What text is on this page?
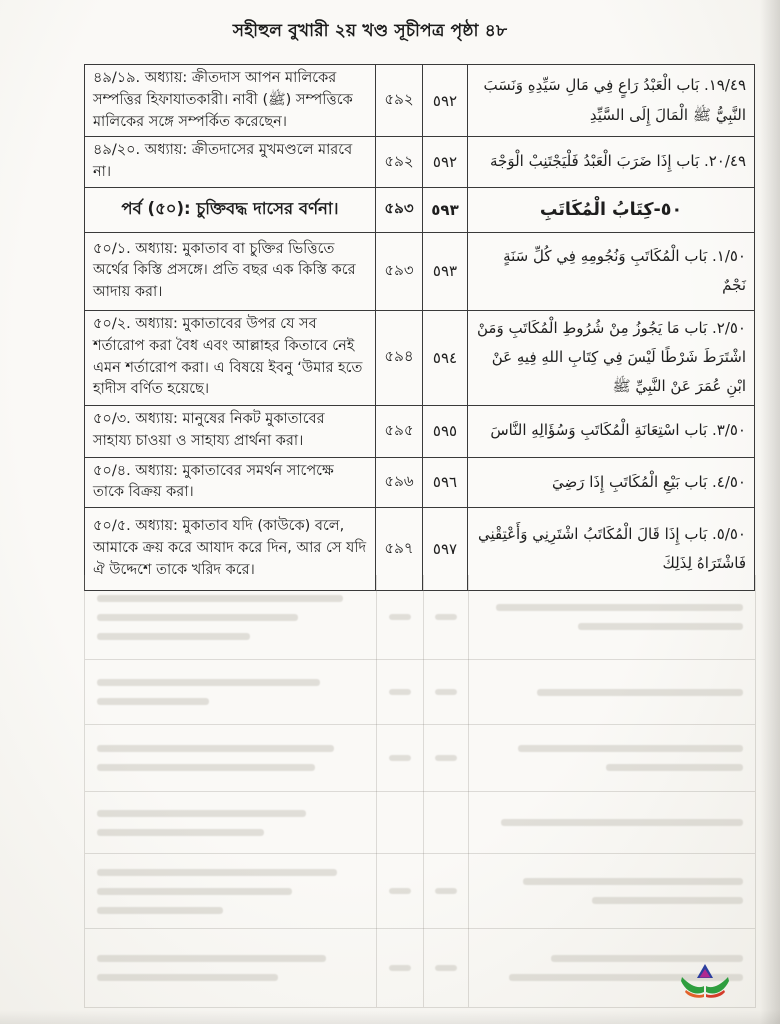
সহীহুল বুখারী ২য় খণ্ড সূচীপত্র পৃষ্ঠা ৪৮
৪৯/১৯. অধ্যায়: ক্রীতদাস আপন মালিকের সম্পত্তির হিফাযাতকারী। নাবী (ﷺ) সম্পত্তিকে মালিকের সঙ্গে সম্পর্কিত করেছেন।	৫৯২	٥٩٢	١٩/٤٩. بَاب الْعَبْدُ رَاعٍ فِي مَالِ سَيِّدِهِ وَنَسَبَ النَّبِيُّ ﷺ الْمَالَ إِلَى السَّيِّدِ
৪৯/২০. অধ্যায়: ক্রীতদাসের মুখমণ্ডলে মারবে না।	৫৯২	٥٩٢	٢٠/٤٩. بَاب إِذَا ضَرَبَ الْعَبْدُ فَلْيَجْتَنِبْ الْوَجْهَ
পর্ব (৫০): চুক্তিবদ্ধ দাসের বর্ণনা।	৫৯৩	٥٩٣	٥٠-كِتَابُ الْمُكَاتَبِ
৫০/১. অধ্যায়: মুকাতাব বা চুক্তির ভিত্তিতে অর্থের কিস্তি প্রসঙ্গে। প্রতি বছর এক কিস্তি করে আদায় করা।	৫৯৩	٥٩٣	١/٥٠. بَاب الْمُكَاتَبِ وَنُجُومِهِ فِي كُلِّ سَنَةٍ نَجْمٌ
৫০/২. অধ্যায়: মুকাতাবের উপর যে সব শর্তারোপ করা বৈধ এবং আল্লাহর কিতাবে নেই এমন শর্তারোপ করা। এ বিষয়ে ইবনু ‘উমার হতে হাদীস বর্ণিত হয়েছে।	৫৯৪	٥٩٤	٢/٥٠. بَاب مَا يَجُوزُ مِنْ شُرُوطِ الْمُكَاتَبِ وَمَنْ اشْتَرَطَ شَرْطًا لَيْسَ فِي كِتَابِ اللهِ فِيهِ عَنْ ابْنِ عُمَرَ عَنْ النَّبِيِّ ﷺ
৫০/৩. অধ্যায়: মানুষের নিকট মুকাতাবের সাহায্য চাওয়া ও সাহায্য প্রার্থনা করা।	৫৯৫	٥٩٥	٣/٥٠. بَاب اسْتِعَانَةِ الْمُكَاتَبِ وَسُؤَالِهِ النَّاسَ
৫০/৪. অধ্যায়: মুকাতাবের সমর্থন সাপেক্ষে তাকে বিক্রয় করা।	৫৯৬	٥٩٦	٤/٥٠. بَاب بَيْعِ الْمُكَاتَبِ إِذَا رَضِيَ
৫০/৫. অধ্যায়: মুকাতাব যদি (কাউকে) বলে, আমাকে ক্রয় করে আযাদ করে দিন, আর সে যদি ঐ উদ্দেশে তাকে খরিদ করে।	৫৯৭	٥٩٧	٥/٥٠. بَاب إِذَا قَالَ الْمُكَاتَبُ اشْتَرِنِي وَأَعْتِقْنِي فَاشْتَرَاهُ لِذَلِكَ
